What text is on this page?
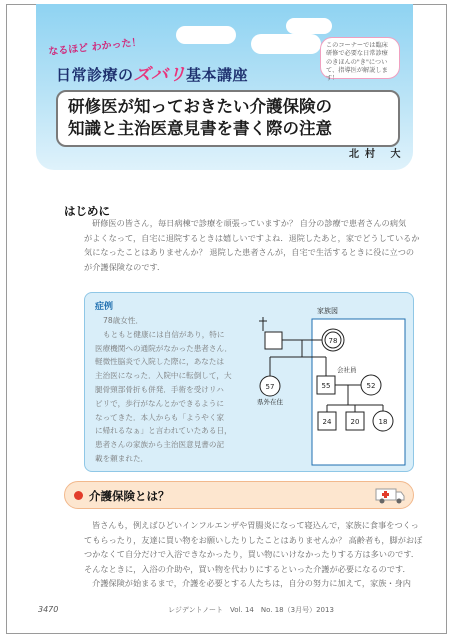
なるほど わかった！
日常診療のズバリ基本講座
このコーナーでは臨床研修で必要な日常診療のきほんの"き"について、指導医が解説します！
研修医が知っておきたい介護保険の
知識と主治医意見書を書く際の注意
北村 大
はじめに
研修医の皆さん，毎日病棟で診療を頑張っていますか？ 自分の診療で患者さんの病気
がよくなって，自宅に退院するときは嬉しいですよね．退院したあと，家でどうしているか
気になったことはありませんか？ 退院した患者さんが，自宅で生活するときに役に立つの
が介護保険なのです．
症例
78歳女性．
もともと健康には自信があり，特に
医療機関への通院がなかった患者さん．
軽微性脳炎で入院した際に，あなたは
主治医になった．入院中に転倒して，大
腿骨頸部骨折も併発．手術を受けリハ
ビリで，歩行がなんとかできるように
なってきた．本人からも「ようやく家
に帰れるなぁ」と言われていたある日，
患者さんの家族から主治医意見書の記
載を頼まれた．
家族図
78
57
県外在住
会社員
55	52
24	20	18
介護保険とは？
皆さんも，例えばひどいインフルエンザや胃腸炎になって寝込んで，家族に食事をつくっ
てもらったり，友達に買い物をお願いしたりしたことはありませんか？ 高齢者も，脚がおぼ
つかなくて自分だけで入浴できなかったり，買い物にいけなかったりする方は多いのです．
そんなときに，入浴の介助や，買い物を代わりにするといった介護が必要になるのです．
介護保険が始まるまで，介護を必要とする人たちは，自分の努力に加えて，家族・身内
3470	レジデントノート　Vol. 14　No. 18（3月号）2013
